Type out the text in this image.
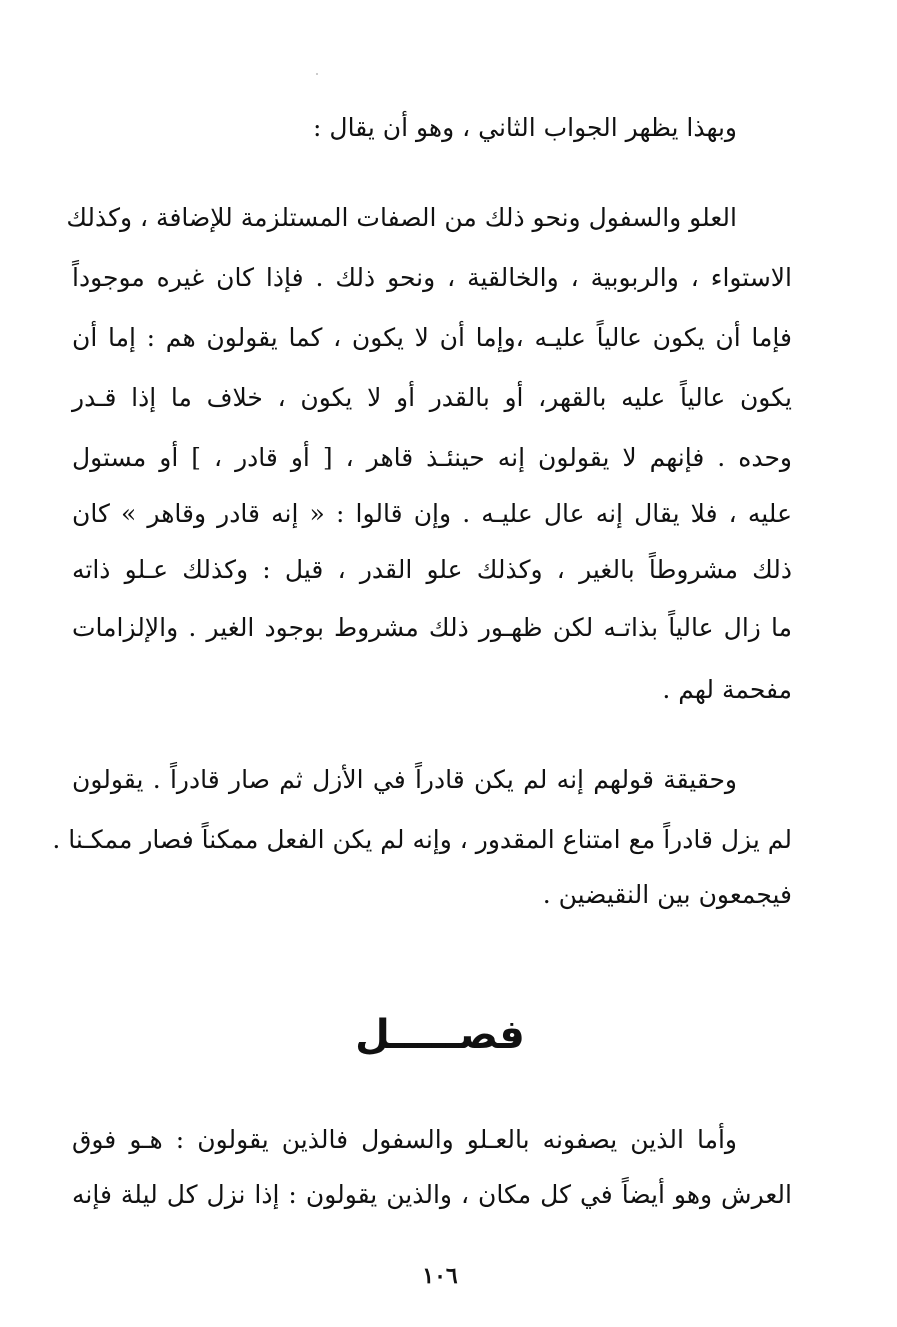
وبهذا يظهر الجواب الثاني ، وهو أن يقال :
العلو والسفول ونحو ذلك من الصفات المستلزمة للإضافة ، وكذلك
الاستواء ، والربوبية ، والخالقية ، ونحو ذلك . فإذا كان غيره موجوداً
فإما أن يكون عالياً عليـه ،وإما أن لا يكون ، كما يقولون هم : إما أن
يكون عالياً عليه بالقهر، أو بالقدر أو لا يكون ، خلاف ما إذا قـدر
وحده . فإنهم لا يقولون إنه حينئـذ قاهر ، [ أو قادر ، ] أو مستول
عليه ، فلا يقال إنه عال عليـه . وإن قالوا : « إنه قادر وقاهر » كان
ذلك مشروطاً بالغير ، وكذلك علو القدر ، قيل : وكذلك عـلو ذاته
ما زال عالياً بذاتـه لكن ظهـور ذلك مشروط بوجود الغير . والإلزامات
مفحمة لهم .
وحقيقة قولهم إنه لم يكن قادراً في الأزل ثم صار قادراً . يقولون
لم يزل قادراً مع امتناع المقدور ، وإنه لم يكن الفعل ممكناً فصار ممكـنا .
فيجمعون بين النقيضين .
فصـــــل
وأما الذين يصفونه بالعـلو والسفول فالذين يقولون : هـو فوق
العرش وهو أيضاً في كل مكان ، والذين يقولون : إذا نزل كل ليلة فإنه
١٠٦
